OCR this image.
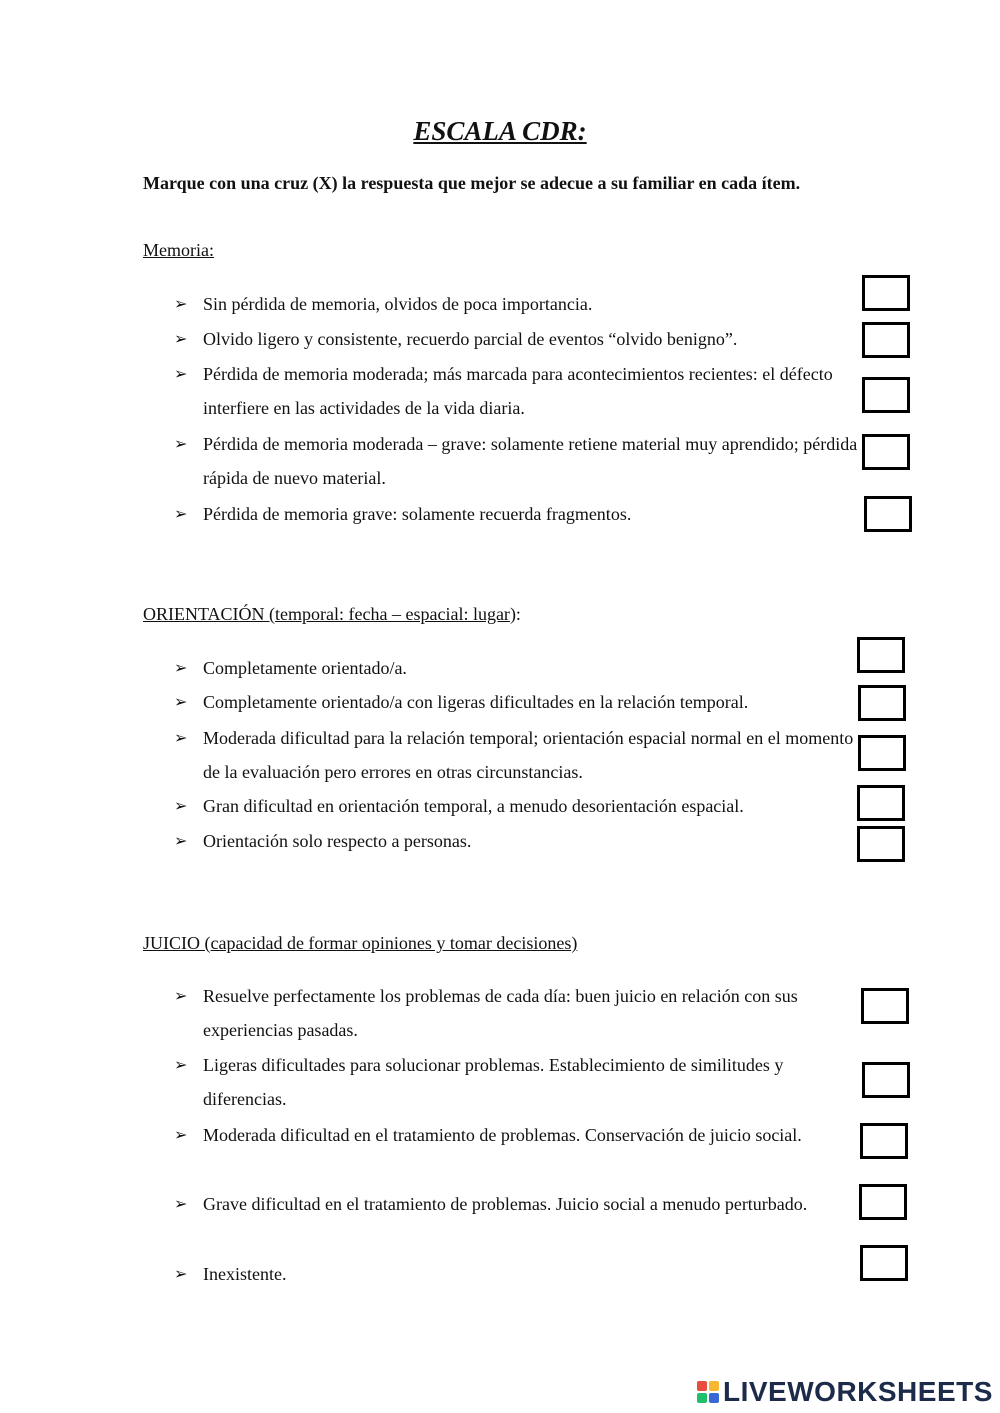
ESCALA CDR:

Marque con una cruz (X) la respuesta que mejor se adecue a su familiar en cada ítem.

Memoria:

➢ Sin pérdida de memoria, olvidos de poca importancia.
➢ Olvido ligero y consistente, recuerdo parcial de eventos “olvido benigno”.
➢ Pérdida de memoria moderada; más marcada para acontecimientos recientes: el défecto interfiere en las actividades de la vida diaria.
➢ Pérdida de memoria moderada – grave: solamente retiene material muy aprendido; pérdida rápida de nuevo material.
➢ Pérdida de memoria grave: solamente recuerda fragmentos.

ORIENTACIÓN (temporal: fecha – espacial: lugar):

➢ Completamente orientado/a.
➢ Completamente orientado/a con ligeras dificultades en la relación temporal.
➢ Moderada dificultad para la relación temporal; orientación espacial normal en el momento de la evaluación pero errores en otras circunstancias.
➢ Gran dificultad en orientación temporal, a menudo desorientación espacial.
➢ Orientación solo respecto a personas.

JUICIO (capacidad de formar opiniones y tomar decisiones)

➢ Resuelve perfectamente los problemas de cada día: buen juicio en relación con sus experiencias pasadas.
➢ Ligeras dificultades para solucionar problemas. Establecimiento de similitudes y diferencias.
➢ Moderada dificultad en el tratamiento de problemas. Conservación de juicio social.
➢ Grave dificultad en el tratamiento de problemas. Juicio social a menudo perturbado.
➢ Inexistente.
LIVEWORKSHEETS
